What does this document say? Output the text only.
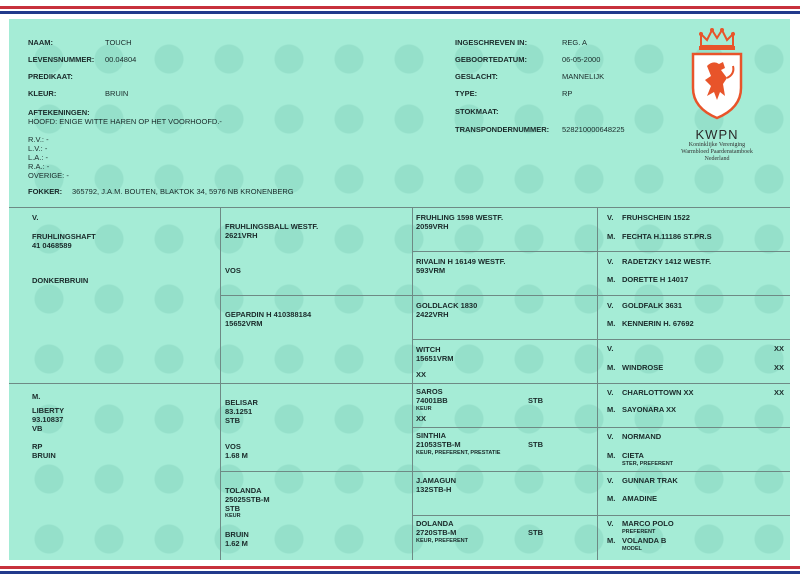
NAAM:	TOUCH
LEVENSNUMMER: 00.04804
PREDIKAAT:
KLEUR:	BRUIN
AFTEKENINGEN:
HOOFD: ENIGE WITTE HAREN OP HET VOORHOOFD.-
R.V.: -
L.V.: -
L.A.: -
R.A.: -
OVERIGE: -
FOKKER: 365792, J.A.M. BOUTEN, BLAKTOK 34, 5976 NB KRONENBERG
INGESCHREVEN IN:	REG. A
GEBOORTEDATUM:	06-05-2000
GESLACHT:	MANNELIJK
TYPE:	RP
STOKMAAT:
TRANSPONDERNUMMER: 528210000648225	KWPN
Koninklijke Vereniging
Warmbloed Paardenstamboek
Nederland
V.
FRUHLINGSHAFT
41 0468589
DONKERBRUIN
M.
LIBERTY
93.10837
VB
RP
BRUIN
FRUHLINGSBALL WESTF.
2621VRH
VOS
GEPARDIN H 410388184
15652VRM
BELISAR
83.1251
STB
VOS
1.68 M
TOLANDA
25025STB-M
STB
KEUR
BRUIN
1.62 M
FRUHLING 1598 WESTF.
2059VRH
RIVALIN H 16149 WESTF.
593VRM
GOLDLACK 1830
2422VRH
WITCH
15651VRM
XX
SAROS
STB
74001BB
KEUR
XX
SINTHIA
STB
21053STB-M
KEUR, PREFERENT, PRESTATIE
J.AMAGUN
132STB-H
DOLANDA
STB
2720STB-M
KEUR, PREFERENT
V. FRUHSCHEIN 1522
M. FECHTA H.11186 ST.PR.S
V. RADETZKY 1412 WESTF.
M. DORETTE H 14017
V. GOLDFALK 3631
M. KENNERIN H. 67692
V.	XX
M. WINDROSE	XX
V. CHARLOTTOWN XX	XX
M. SAYONARA XX
V. NORMAND
M. CIETA
STER, PREFERENT
V. GUNNAR TRAK
M. AMADINE
V. MARCO POLO
PREFERENT
M. VOLANDA B
MODEL
